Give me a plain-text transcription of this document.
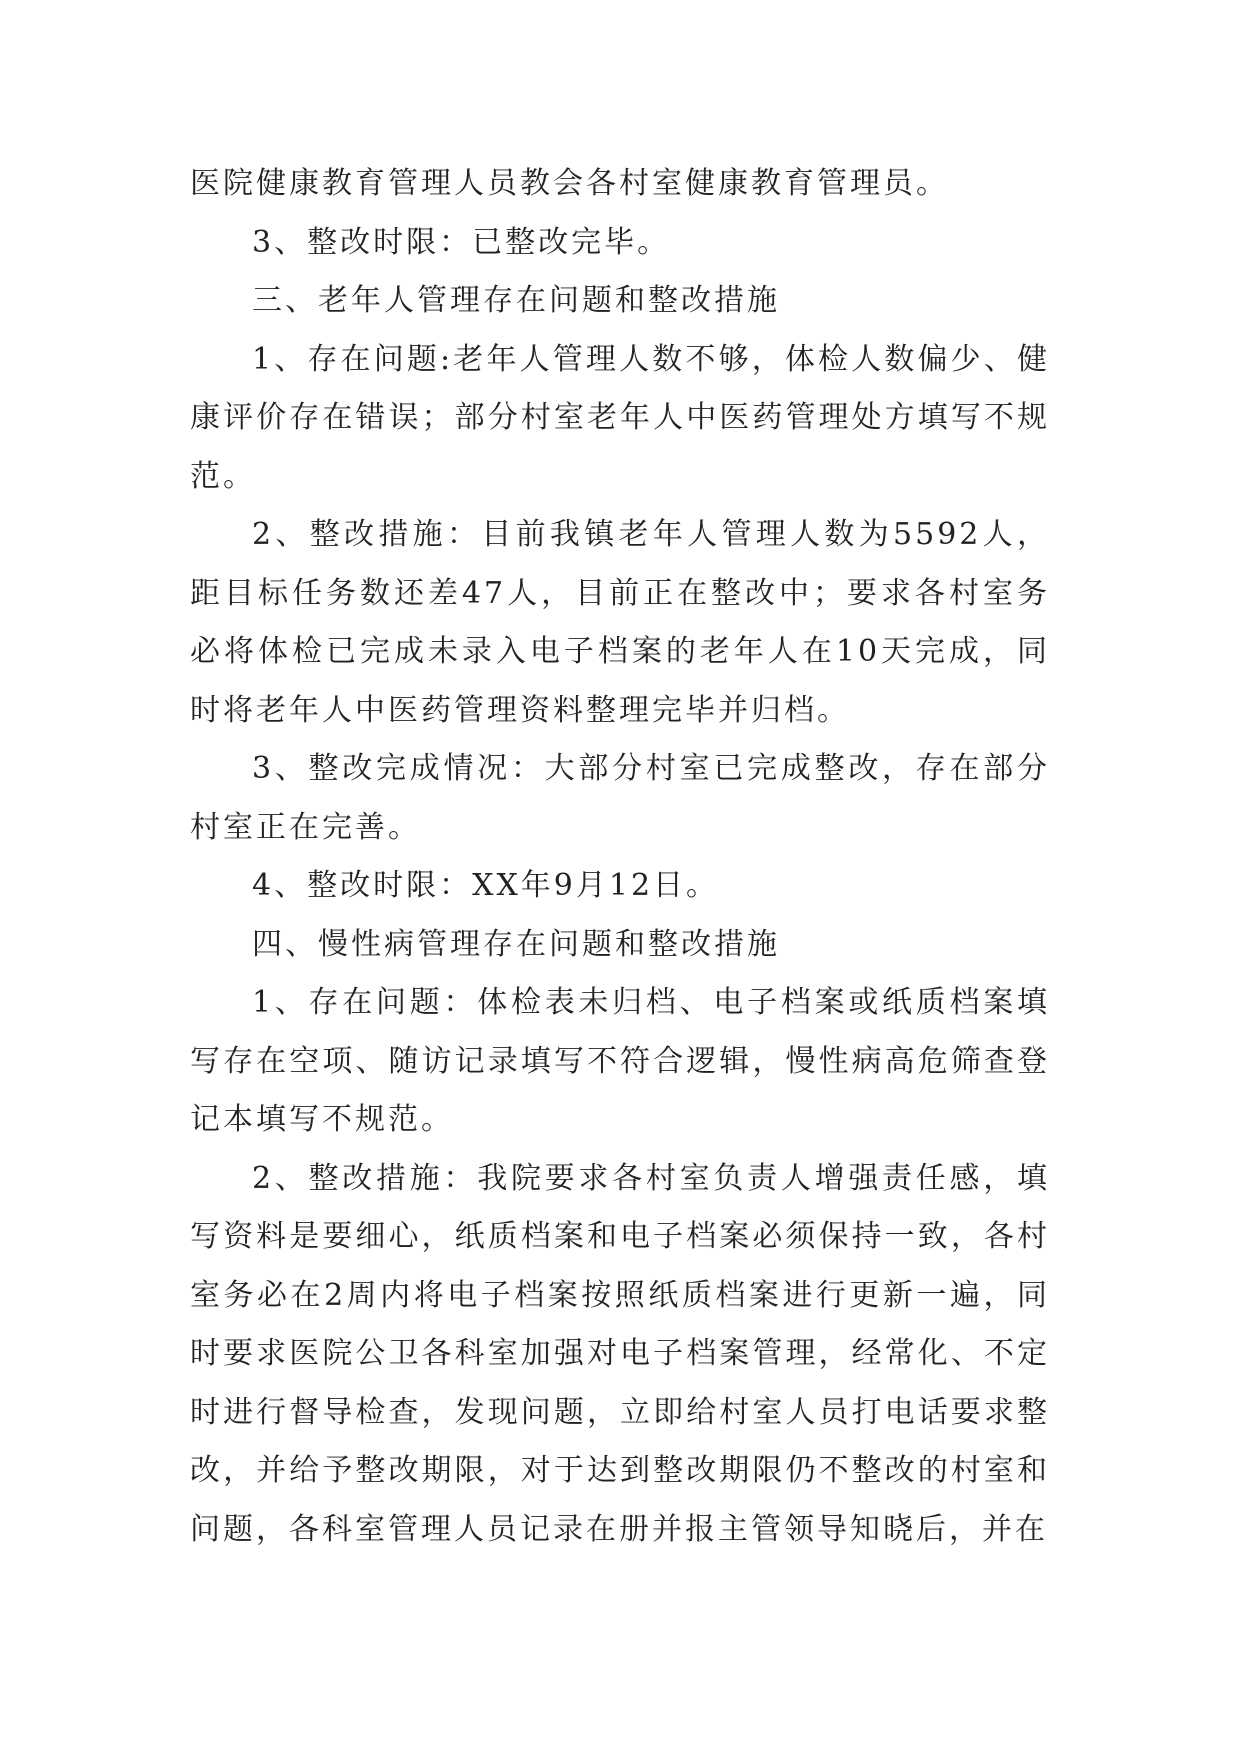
医院健康教育管理人员教会各村室健康教育管理员。

3、整改时限：已整改完毕。

三、老年人管理存在问题和整改措施

1、存在问题:老年人管理人数不够，体检人数偏少、健康评价存在错误；部分村室老年人中医药管理处方填写不规范。

2、整改措施：目前我镇老年人管理人数为5592人，距目标任务数还差47人，目前正在整改中；要求各村室务必将体检已完成未录入电子档案的老年人在10天完成，同时将老年人中医药管理资料整理完毕并归档。

3、整改完成情况：大部分村室已完成整改，存在部分村室正在完善。

4、整改时限：XX年9月12日。

四、慢性病管理存在问题和整改措施

1、存在问题：体检表未归档、电子档案或纸质档案填写存在空项、随访记录填写不符合逻辑，慢性病高危筛查登记本填写不规范。

2、整改措施：我院要求各村室负责人增强责任感，填写资料是要细心，纸质档案和电子档案必须保持一致，各村室务必在2周内将电子档案按照纸质档案进行更新一遍，同时要求医院公卫各科室加强对电子档案管理，经常化、不定时进行督导检查，发现问题，立即给村室人员打电话要求整改，并给予整改期限，对于达到整改期限仍不整改的村室和问题，各科室管理人员记录在册并报主管领导知晓后，并在
